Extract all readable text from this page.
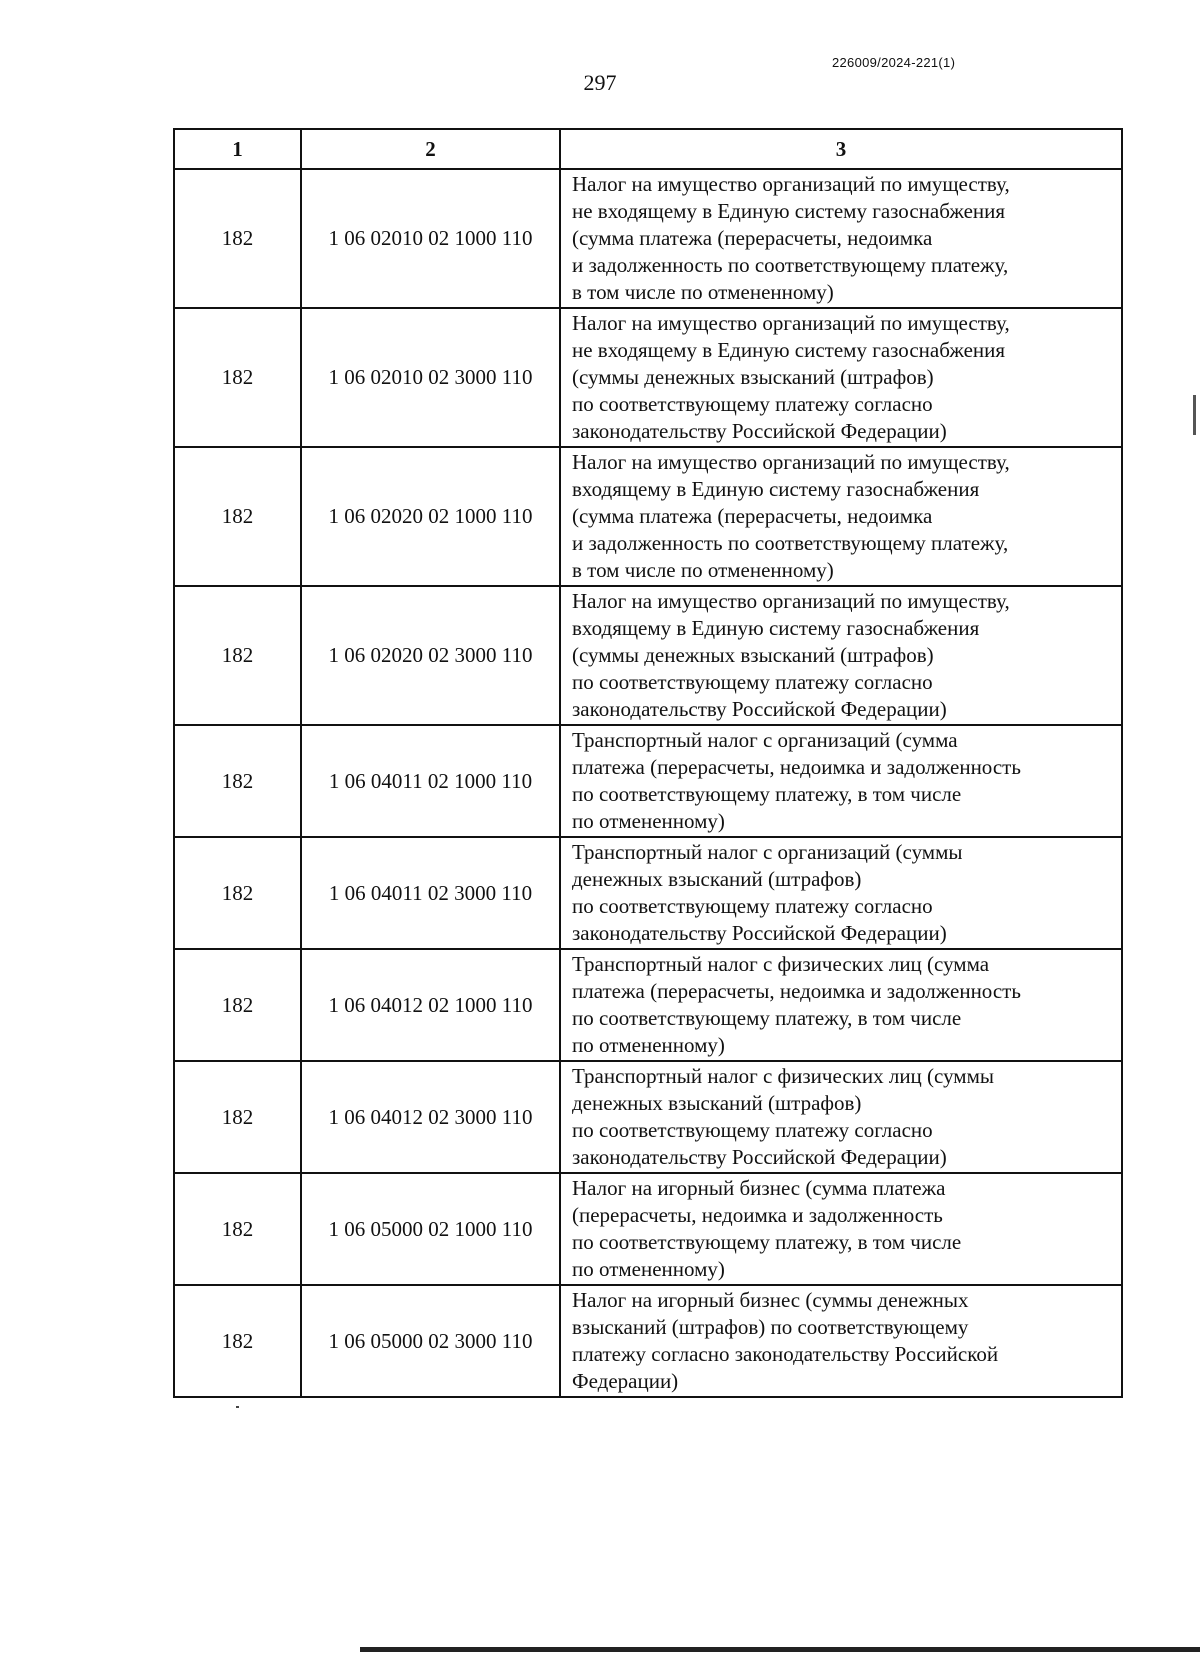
226009/2024-221(1)
297
1	2	3
182	1 06 02010 02 1000 110	Налог на имущество организаций по имуществу,
не входящему в Единую систему газоснабжения
(сумма платежа (перерасчеты, недоимка
и задолженность по соответствующему платежу,
в том числе по отмененному)

182	1 06 02010 02 3000 110	Налог на имущество организаций по имуществу,
не входящему в Единую систему газоснабжения
(суммы денежных взысканий (штрафов)
по соответствующему платежу согласно
законодательству Российской Федерации)

182	1 06 02020 02 1000 110	Налог на имущество организаций по имуществу,
входящему в Единую систему газоснабжения
(сумма платежа (перерасчеты, недоимка
и задолженность по соответствующему платежу,
в том числе по отмененному)

182	1 06 02020 02 3000 110	Налог на имущество организаций по имуществу,
входящему в Единую систему газоснабжения
(суммы денежных взысканий (штрафов)
по соответствующему платежу согласно
законодательству Российской Федерации)

182	1 06 04011 02 1000 110	Транспортный налог с организаций (сумма
платежа (перерасчеты, недоимка и задолженность
по соответствующему платежу, в том числе
по отмененному)

182	1 06 04011 02 3000 110	Транспортный налог с организаций (суммы
денежных взысканий (штрафов)
по соответствующему платежу согласно
законодательству Российской Федерации)

182	1 06 04012 02 1000 110	Транспортный налог с физических лиц (сумма
платежа (перерасчеты, недоимка и задолженность
по соответствующему платежу, в том числе
по отмененному)

182	1 06 04012 02 3000 110	Транспортный налог с физических лиц (суммы
денежных взысканий (штрафов)
по соответствующему платежу согласно
законодательству Российской Федерации)

182	1 06 05000 02 1000 110	Налог на игорный бизнес (сумма платежа
(перерасчеты, недоимка и задолженность
по соответствующему платежу, в том числе
по отмененному)

182	1 06 05000 02 3000 110	Налог на игорный бизнес (суммы денежных
взысканий (штрафов) по соответствующему
платежу согласно законодательству Российской
Федерации)
